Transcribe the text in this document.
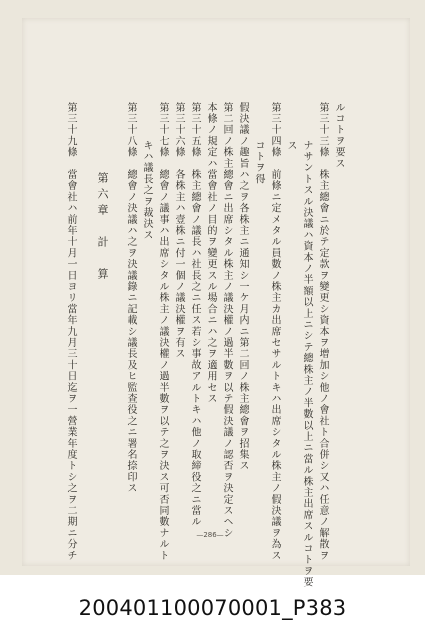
ルコトヲ要ス
第三十三條　株主總會ニ於テ定款ヲ變更シ資本ヲ增加シ他ノ會社ト合併シ又ハ任意ノ解散ヲ
ナサントスル決議ハ資本ノ半額以上ニシテ總株主ノ半數以上ニ當ル株主出席スルコトヲ要
ス
第三十四條　前條ニ定メタル員數ノ株主カ出席セサルトキハ出席シタル株主ノ假決議ヲ為ス
コトヲ得
假決議ノ趣旨ハ之ヲ各株主ニ通知シ一ケ月内ニ第二回ノ株主總會ヲ招集ス
第二回ノ株主總會ニ出席シタル株主ノ議決權ノ過半數ヲ以テ假決議ノ認否ヲ決定スヘシ
本條ノ規定ハ當會社ノ目的ヲ變更スル場合ニハ之ヲ適用セス
第三十五條　株主總會ノ議長ハ社長之ニ任ス若シ事故アルトキハ他ノ取締役之ニ當ル
第三十六條　各株主ハ壹株ニ付一個ノ議決權ヲ有ス
第三十七條　總會ノ議事ハ出席シタル株主ノ議決權ノ過半數ヲ以テ之ヲ決ス可否同數ナルト
キハ議長之ヲ裁決ス
第三十八條　總會ノ決議ハ之ヲ決議錄ニ記載シ議長及ヒ監查役之ニ署名捺印ス
第六章　計　算
第三十九條　當會社ハ前年十月一日ヨリ當年九月三十日迄ヲ一營業年度トシ之ヲ二期ニ分チ	—286—
200401100070001_P383
